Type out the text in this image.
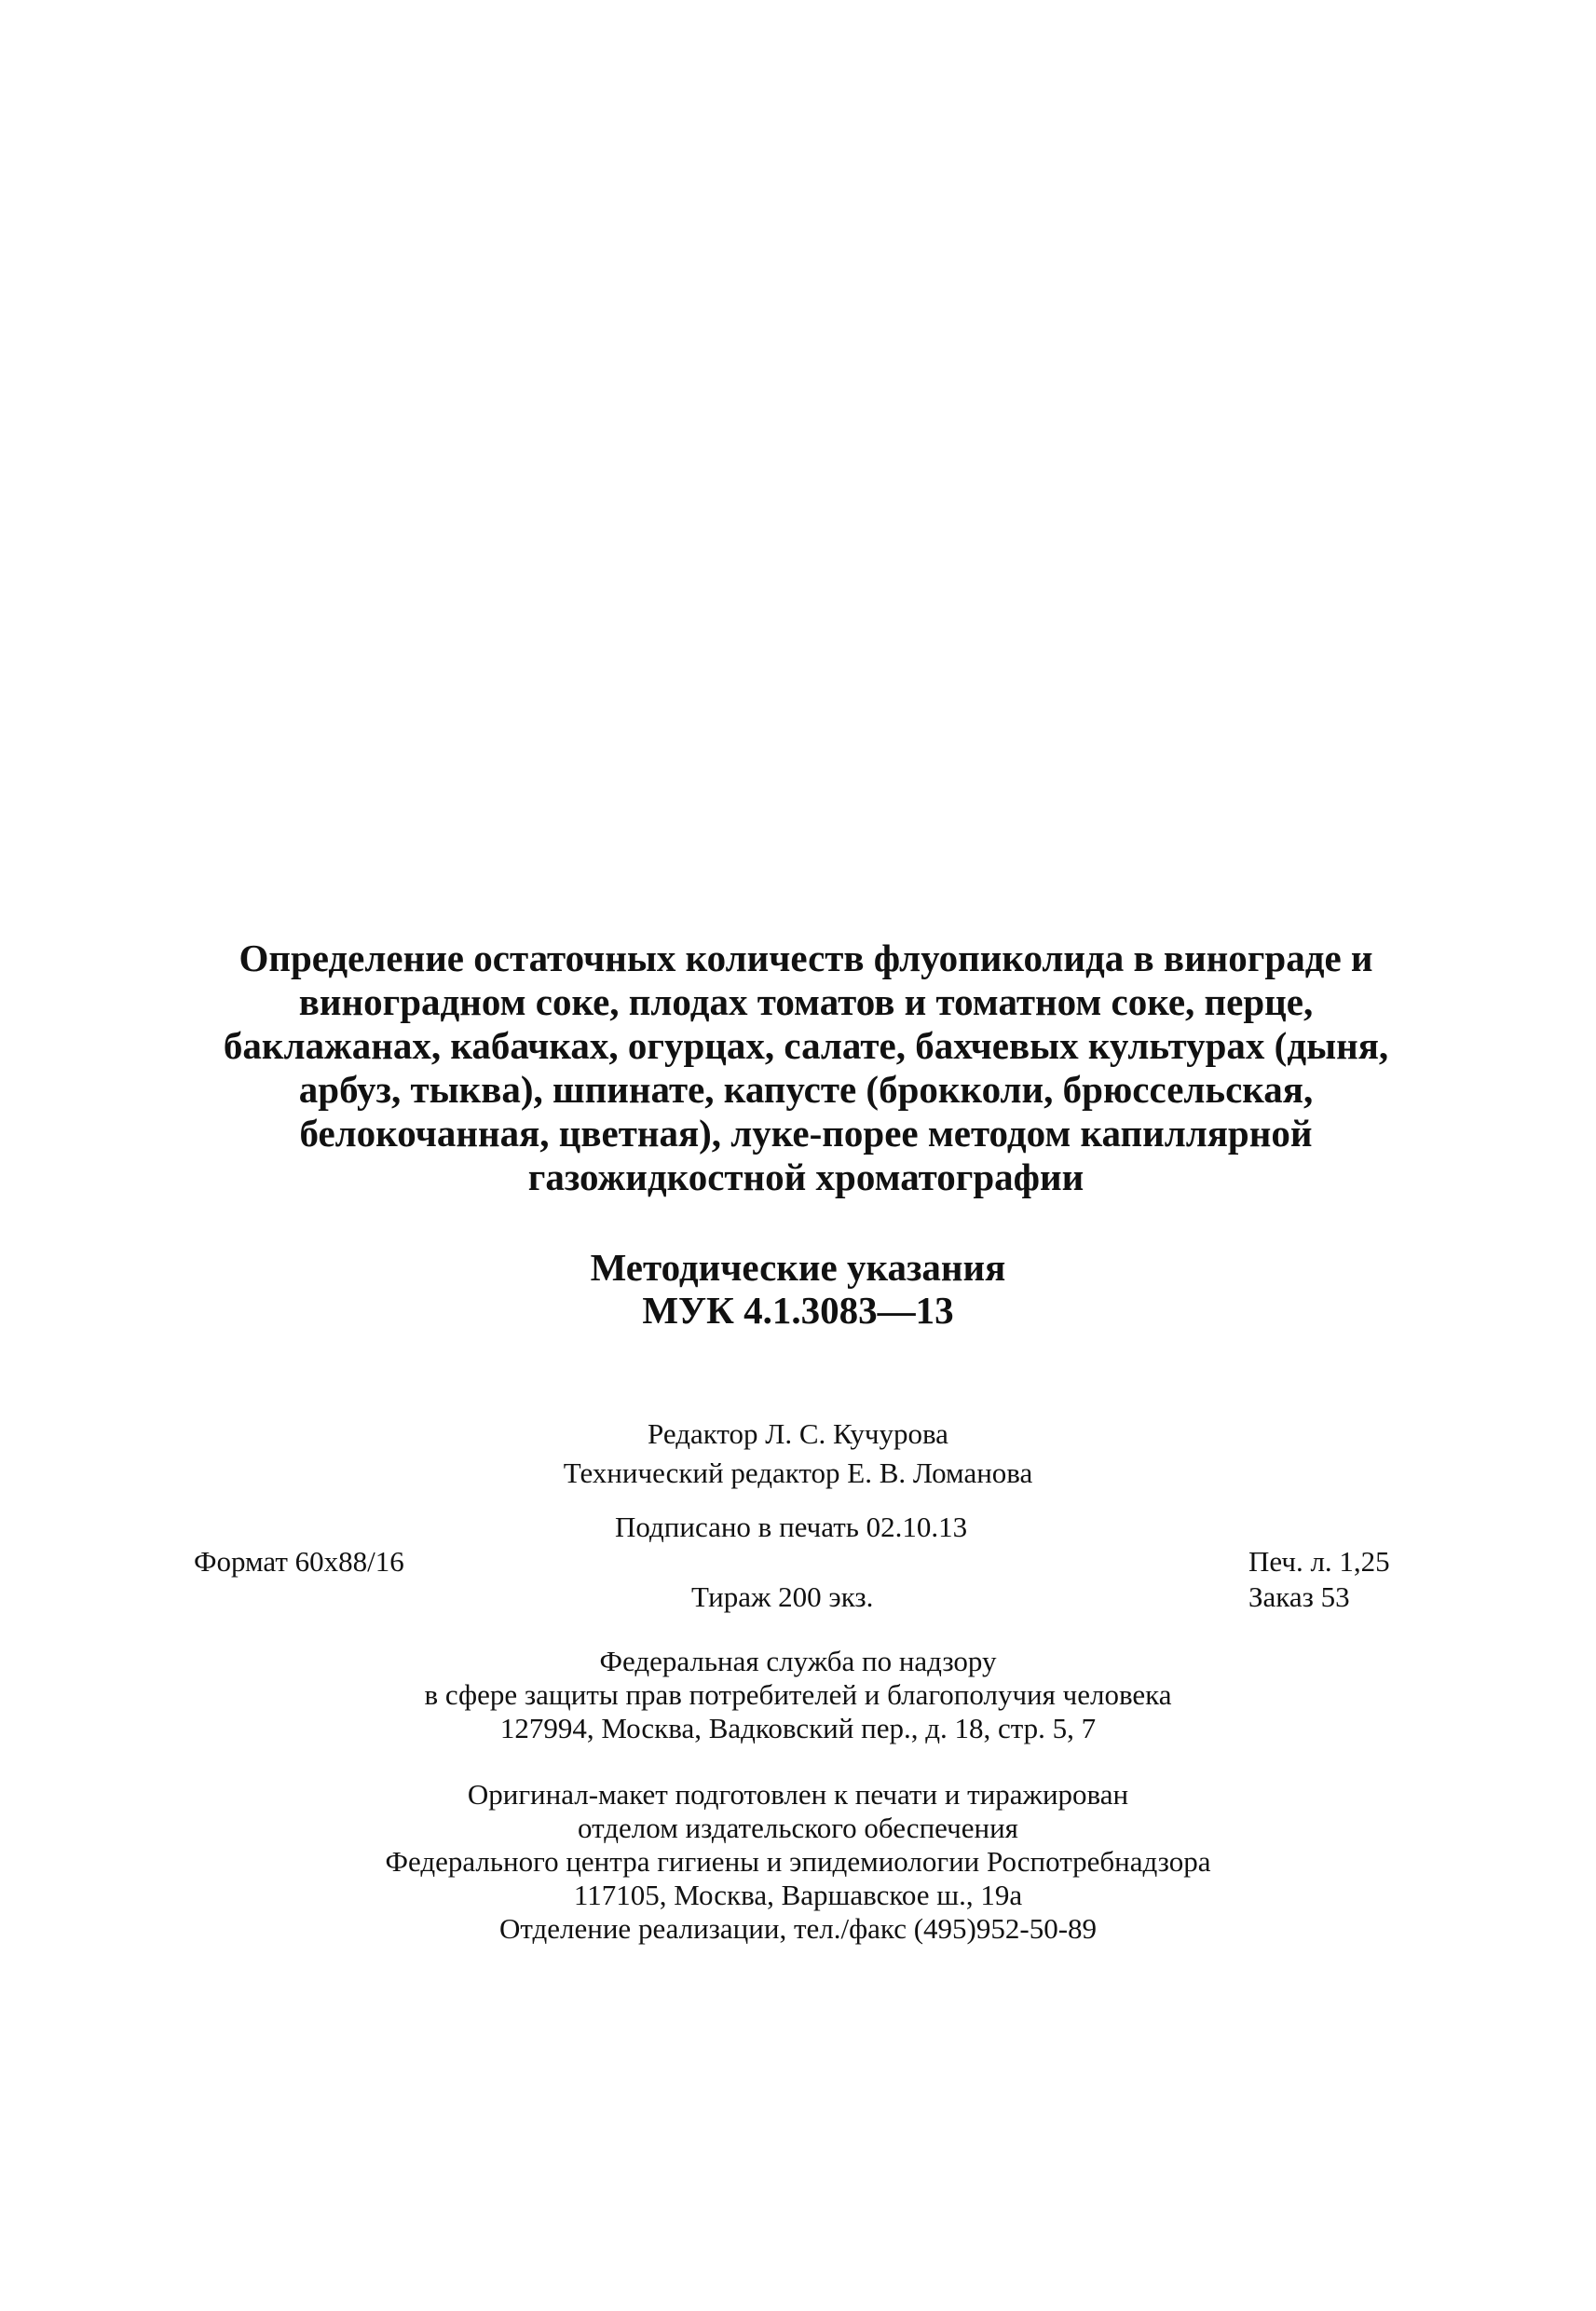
Определение остаточных количеств флуопиколида в винограде и
виноградном соке, плодах томатов и томатном соке, перце,
баклажанах, кабачках, огурцах, салате, бахчевых культурах (дыня,
арбуз, тыква), шпинате, капусте (брокколи, брюссельская,
белокочанная, цветная), луке-порее методом капиллярной
газожидкостной хроматографии
Методические указания
МУК 4.1.3083—13
Редактор Л. С. Кучурова
Технический редактор Е. В. Ломанова
Подписано в печать 02.10.13
Формат 60х88/16	Печ. л. 1,25
Тираж 200 экз.	Заказ 53
Федеральная служба по надзору
в сфере защиты прав потребителей и благополучия человека
127994, Москва, Вадковский пер., д. 18, стр. 5, 7
Оригинал-макет подготовлен к печати и тиражирован
отделом издательского обеспечения
Федерального центра гигиены и эпидемиологии Роспотребнадзора
117105, Москва, Варшавское ш., 19а
Отделение реализации, тел./факс (495)952-50-89
